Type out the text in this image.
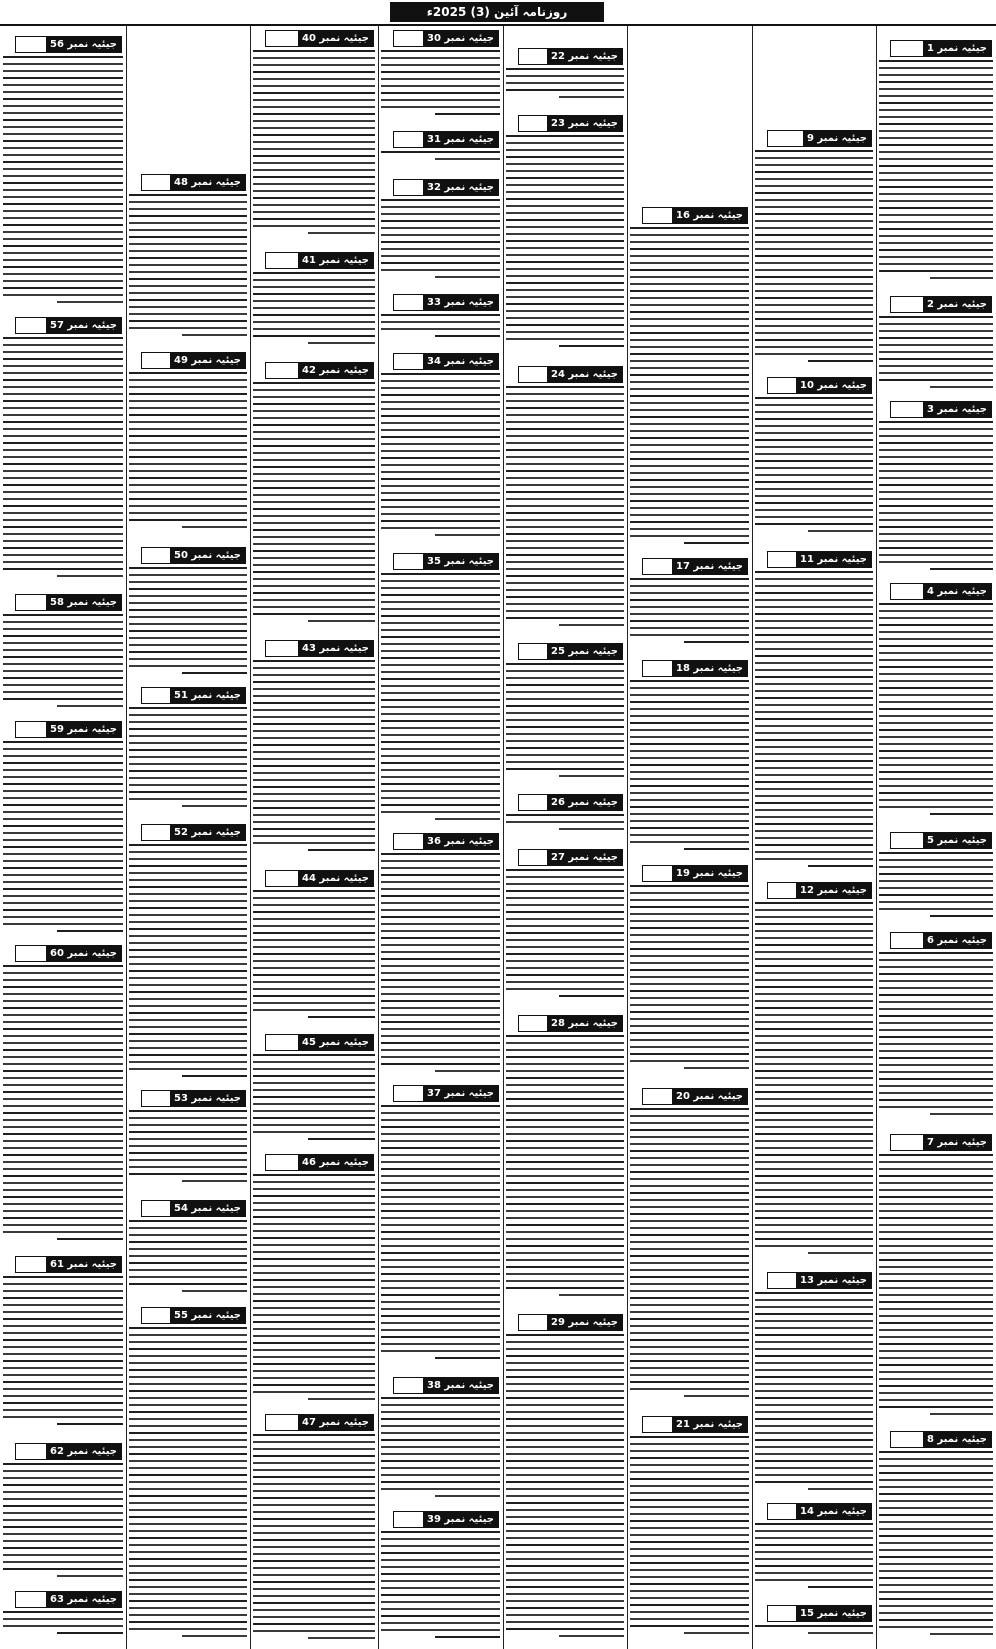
روزنامہ آئین (3) 2025ء
جیئیہ نمبر 1
جیئیہ نمبر 2
جیئیہ نمبر 3
جیئیہ نمبر 4
جیئیہ نمبر 5
جیئیہ نمبر 6
جیئیہ نمبر 7
جیئیہ نمبر 8
جیئیہ نمبر 9
جیئیہ نمبر 10
جیئیہ نمبر 11
جیئیہ نمبر 12
جیئیہ نمبر 13
جیئیہ نمبر 14
جیئیہ نمبر 15
جیئیہ نمبر 16
جیئیہ نمبر 17
جیئیہ نمبر 18
جیئیہ نمبر 19
جیئیہ نمبر 20
جیئیہ نمبر 21
جیئیہ نمبر 22
جیئیہ نمبر 23
جیئیہ نمبر 24
جیئیہ نمبر 25
جیئیہ نمبر 26
جیئیہ نمبر 27
جیئیہ نمبر 28
جیئیہ نمبر 29
جیئیہ نمبر 30
جیئیہ نمبر 31
جیئیہ نمبر 32
جیئیہ نمبر 33
جیئیہ نمبر 34
جیئیہ نمبر 35
جیئیہ نمبر 36
جیئیہ نمبر 37
جیئیہ نمبر 38
جیئیہ نمبر 39
جیئیہ نمبر 40
جیئیہ نمبر 41
جیئیہ نمبر 42
جیئیہ نمبر 43
جیئیہ نمبر 44
جیئیہ نمبر 45
جیئیہ نمبر 46
جیئیہ نمبر 47
جیئیہ نمبر 48
جیئیہ نمبر 49
جیئیہ نمبر 50
جیئیہ نمبر 51
جیئیہ نمبر 52
جیئیہ نمبر 53
جیئیہ نمبر 54
جیئیہ نمبر 55
جیئیہ نمبر 56
جیئیہ نمبر 57
جیئیہ نمبر 58
جیئیہ نمبر 59
جیئیہ نمبر 60
جیئیہ نمبر 61
جیئیہ نمبر 62
جیئیہ نمبر 63
